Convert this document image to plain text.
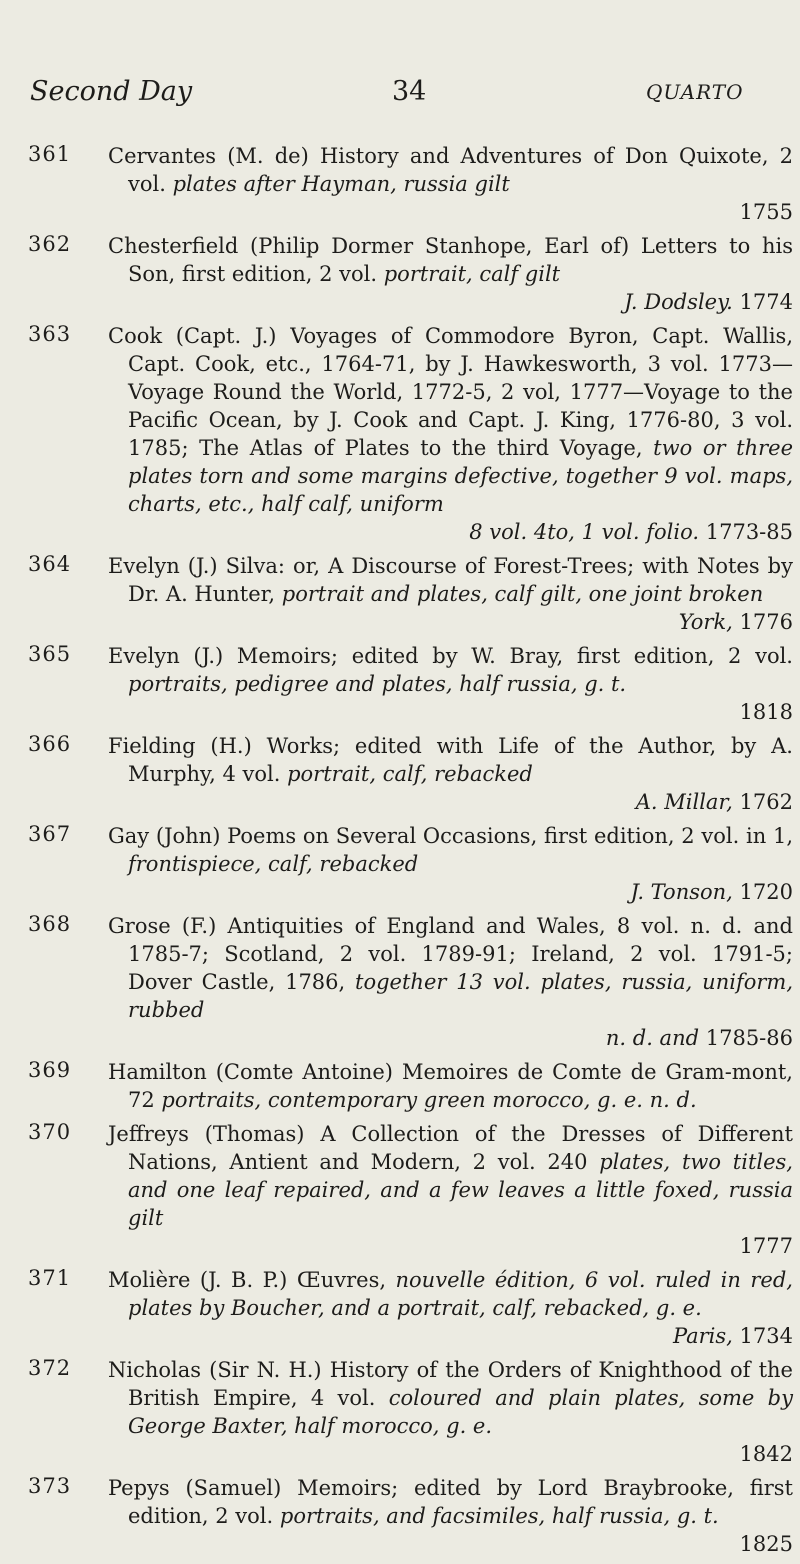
Second Day	34	QUARTO
361	Cervantes (M. de) History and Adventures of Don Quixote, 2 vol. plates after Hayman, russia gilt
1755
362	Chesterfield (Philip Dormer Stanhope, Earl of) Letters to his Son, first edition, 2 vol. portrait, calf gilt
J. Dodsley. 1774
363	Cook (Capt. J.) Voyages of Commodore Byron, Capt. Wallis, Capt. Cook, etc., 1764-71, by J. Hawkesworth, 3 vol. 1773—Voyage Round the World, 1772-5, 2 vol, 1777—Voyage to the Pacific Ocean, by J. Cook and Capt. J. King, 1776-80, 3 vol. 1785; The Atlas of Plates to the third Voyage, two or three plates torn and some margins defective, together 9 vol. maps, charts, etc., half calf, uniform
8 vol. 4to, 1 vol. folio. 1773-85
364	Evelyn (J.) Silva: or, A Discourse of Forest-Trees; with Notes by Dr. A. Hunter, portrait and plates, calf gilt, one joint broken
York, 1776
365	Evelyn (J.) Memoirs; edited by W. Bray, first edition, 2 vol. portraits, pedigree and plates, half russia, g. t.
1818
366	Fielding (H.) Works; edited with Life of the Author, by A. Murphy, 4 vol. portrait, calf, rebacked
A. Millar, 1762
367	Gay (John) Poems on Several Occasions, first edition, 2 vol. in 1, frontispiece, calf, rebacked
J. Tonson, 1720
368	Grose (F.) Antiquities of England and Wales, 8 vol. n. d. and 1785-7; Scotland, 2 vol. 1789-91; Ireland, 2 vol. 1791-5; Dover Castle, 1786, together 13 vol. plates, russia, uniform, rubbed
n. d. and 1785-86
369	Hamilton (Comte Antoine) Memoires de Comte de Gram-mont, 72 portraits, contemporary green morocco, g. e. n. d.
370	Jeffreys (Thomas) A Collection of the Dresses of Different Nations, Antient and Modern, 2 vol. 240 plates, two titles, and one leaf repaired, and a few leaves a little foxed, russia gilt
1777
371	Molière (J. B. P.) Œuvres, nouvelle édition, 6 vol. ruled in red, plates by Boucher, and a portrait, calf, rebacked, g. e.
Paris, 1734
372	Nicholas (Sir N. H.) History of the Orders of Knighthood of the British Empire, 4 vol. coloured and plain plates, some by George Baxter, half morocco, g. e.
1842
373	Pepys (Samuel) Memoirs; edited by Lord Braybrooke, first edition, 2 vol. portraits, and facsimiles, half russia, g. t.
1825
